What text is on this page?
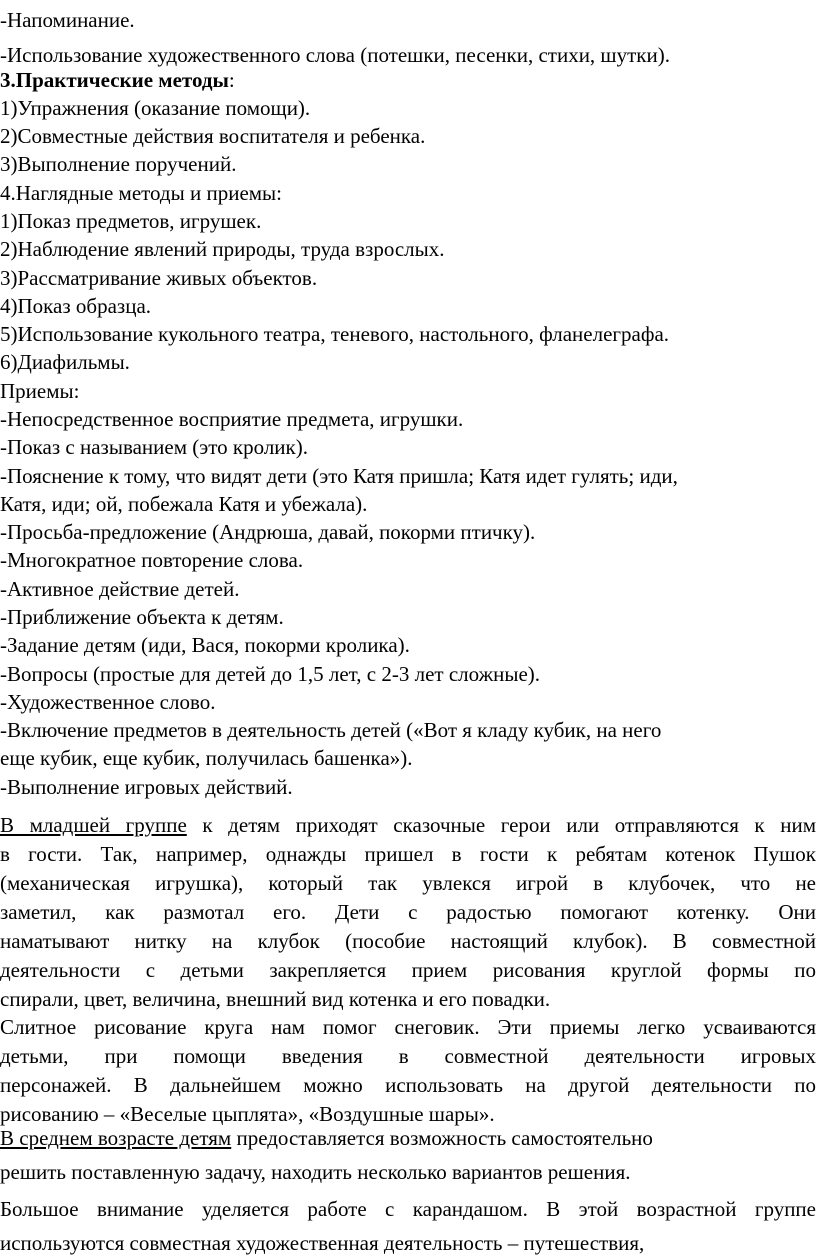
-Напоминание.

-Использование художественного слова (потешки, песенки, стихи, шутки).

3.Практические методы:

1)Упражнения (оказание помощи).

2)Совместные действия воспитателя и ребенка.

3)Выполнение поручений.

4.Наглядные методы и приемы:

1)Показ предметов, игрушек.

2)Наблюдение явлений природы, труда взрослых.

3)Рассматривание живых объектов.

4)Показ образца.

5)Использование кукольного театра, теневого, настольного, фланелеграфа.

6)Диафильмы.

Приемы:

-Непосредственное восприятие предмета, игрушки.

-Показ с называнием (это кролик).

-Пояснение к тому, что видят дети (это Катя пришла; Катя идет гулять; иди,

Катя, иди; ой, побежала Катя и убежала).

-Просьба-предложение (Андрюша, давай, покорми птичку).

-Многократное повторение слова.

-Активное действие детей.

-Приближение объекта к детям.

-Задание детям (иди, Вася, покорми кролика).

-Вопросы (простые для детей до 1,5 лет, с 2-3 лет сложные).

-Художественное слово.

-Включение предметов в деятельность детей («Вот я кладу кубик, на него

еще кубик, еще кубик, получилась башенка»).

-Выполнение игровых действий.

В младшей группе к детям приходят сказочные герои или отправляются к ним
в гости. Так, например, однажды пришел в гости к ребятам котенок Пушок
(механическая игрушка), который так увлекся игрой в клубочек, что не
заметил, как размотал его. Дети с радостью помогают котенку. Они
наматывают нитку на клубок (пособие настоящий клубок). В совместной
деятельности с детьми закрепляется прием рисования круглой формы по
спирали, цвет, величина, внешний вид котенка и его повадки.
Слитное рисование круга нам помог снеговик. Эти приемы легко усваиваются
детьми, при помощи введения в совместной деятельности игровых
персонажей. В дальнейшем можно использовать на другой деятельности по
рисованию – «Веселые цыплята», «Воздушные шары».

В среднем возрасте детям предоставляется возможность самостоятельно

решить поставленную задачу, находить несколько вариантов решения.

Большое внимание уделяется работе с карандашом. В этой возрастной группе
используются совместная художественная деятельность – путешествия,
